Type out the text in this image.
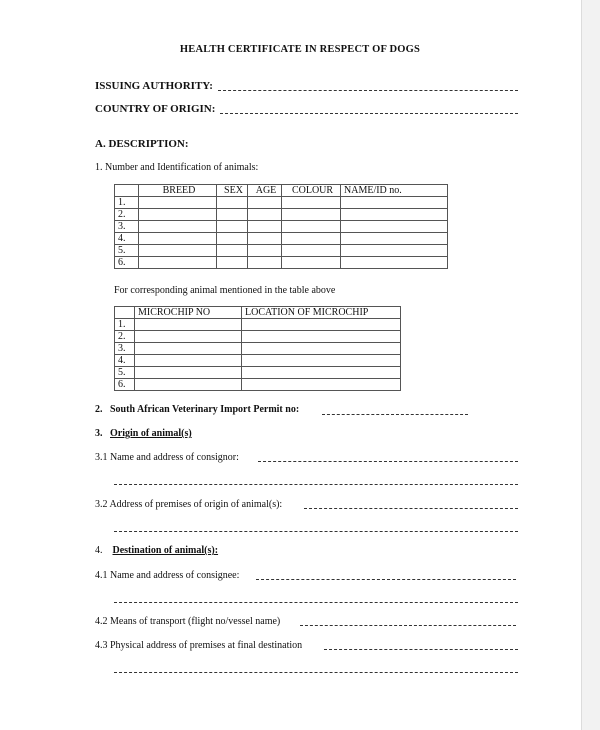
HEALTH CERTIFICATE IN RESPECT OF DOGS
ISSUING AUTHORITY:
COUNTRY OF ORIGIN:
A. DESCRIPTION:
1. Number and Identification of animals:
	BREED	SEX	AGE	COLOUR	NAME/ID no.
1.					
2.					
3.					
4.					
5.					
6.					
For corresponding animal mentioned in the table above
	MICROCHIP NO	LOCATION OF MICROCHIP
1.		
2.		
3.		
4.		
5.		
6.		
2. South African Veterinary Import Permit no:
3. Origin of animal(s)
3.1 Name and address of consignor:
3.2 Address of premises of origin of animal(s):
4. Destination of animal(s):
4.1 Name and address of consignee:
4.2 Means of transport (flight no/vessel name)
4.3 Physical address of premises at final destination
